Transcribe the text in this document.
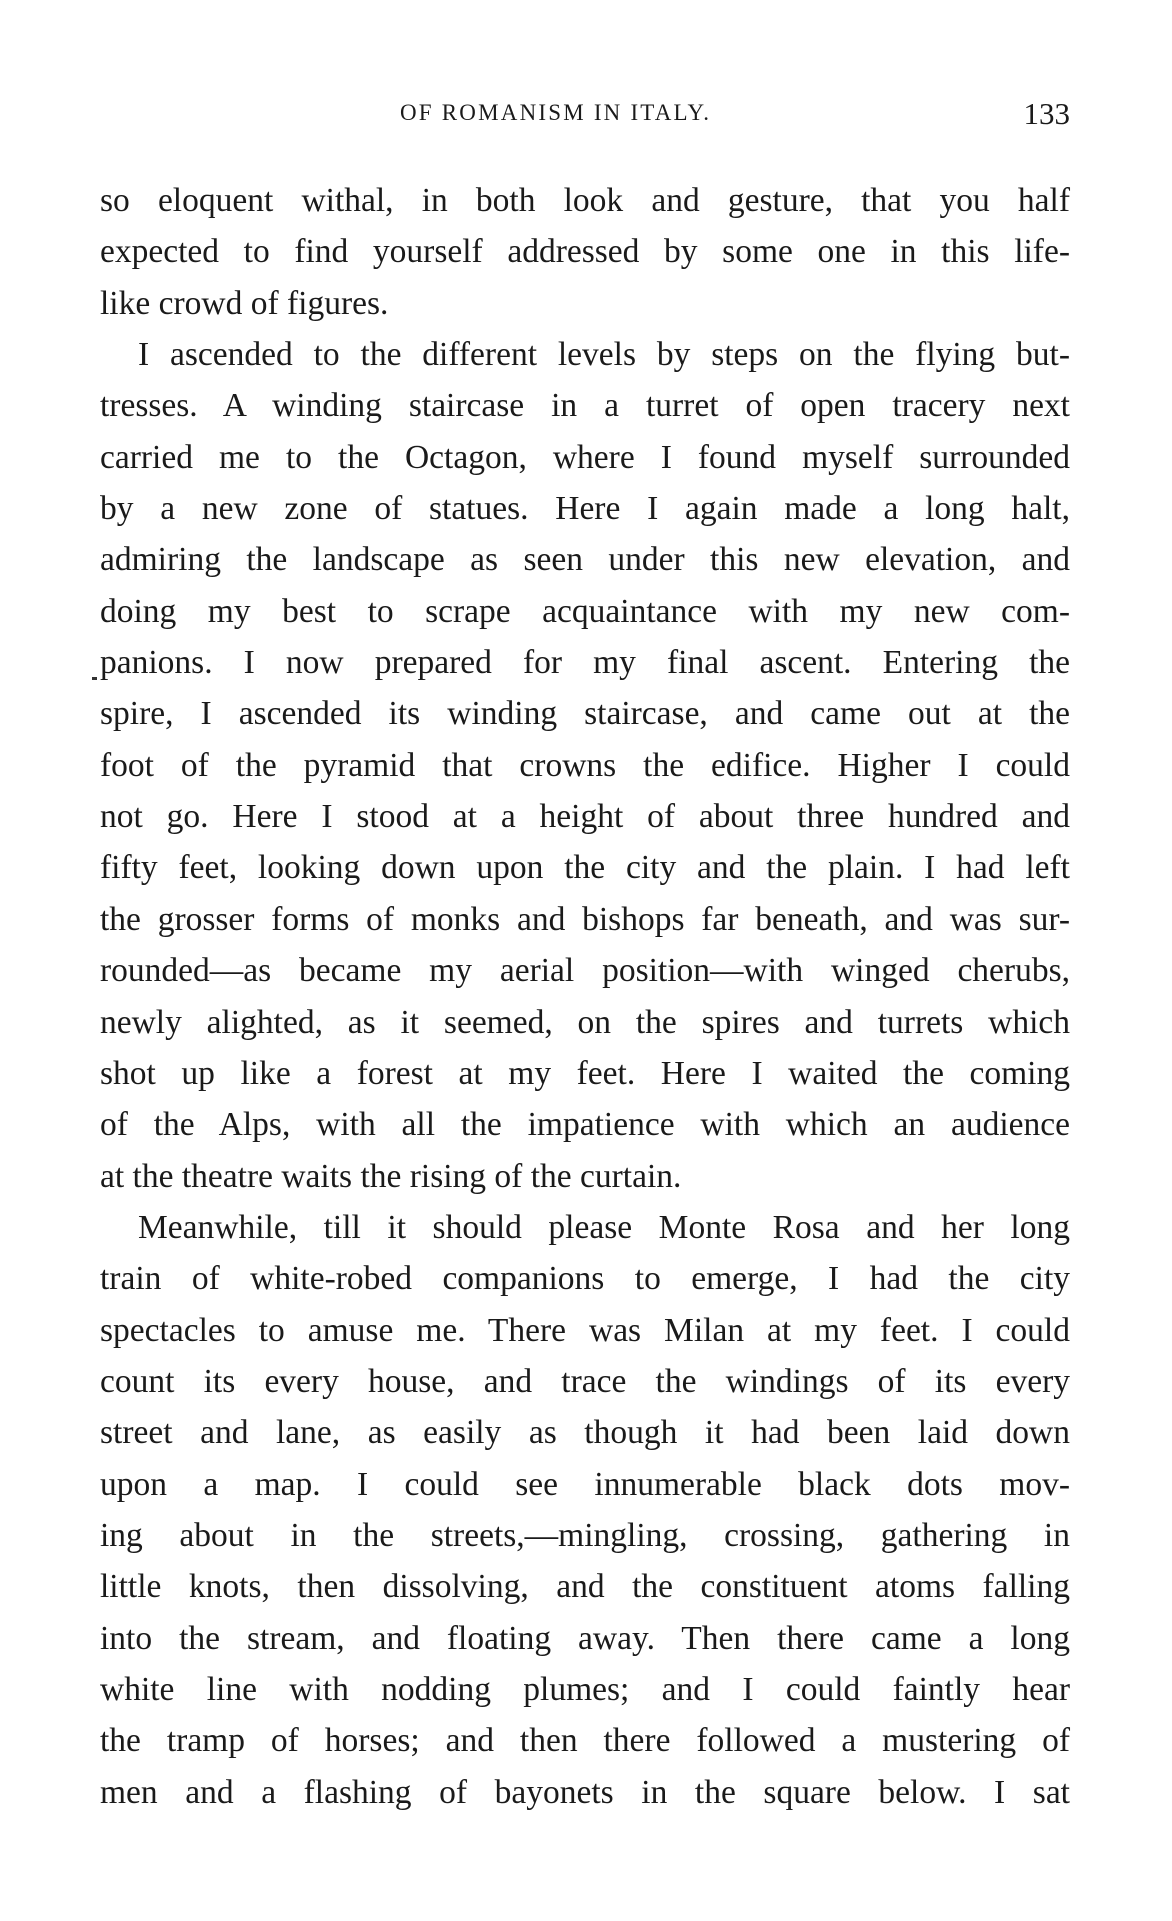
OF ROMANISM IN ITALY.	133
so eloquent withal, in both look and gesture, that you half
expected to find yourself addressed by some one in this life-
like crowd of figures.
I ascended to the different levels by steps on the flying but-
tresses. A winding staircase in a turret of open tracery next
carried me to the Octagon, where I found myself surrounded
by a new zone of statues. Here I again made a long halt,
admiring the landscape as seen under this new elevation, and
doing my best to scrape acquaintance with my new com-
panions. I now prepared for my final ascent. Entering the
spire, I ascended its winding staircase, and came out at the
foot of the pyramid that crowns the edifice. Higher I could
not go. Here I stood at a height of about three hundred and
fifty feet, looking down upon the city and the plain. I had left
the grosser forms of monks and bishops far beneath, and was sur-
rounded—as became my aerial position—with winged cherubs,
newly alighted, as it seemed, on the spires and turrets which
shot up like a forest at my feet. Here I waited the coming
of the Alps, with all the impatience with which an audience
at the theatre waits the rising of the curtain.
Meanwhile, till it should please Monte Rosa and her long
train of white-robed companions to emerge, I had the city
spectacles to amuse me. There was Milan at my feet. I could
count its every house, and trace the windings of its every
street and lane, as easily as though it had been laid down
upon a map. I could see innumerable black dots mov-
ing about in the streets,—mingling, crossing, gathering in
little knots, then dissolving, and the constituent atoms falling
into the stream, and floating away. Then there came a long
white line with nodding plumes; and I could faintly hear
the tramp of horses; and then there followed a mustering of
men and a flashing of bayonets in the square below. I sat
